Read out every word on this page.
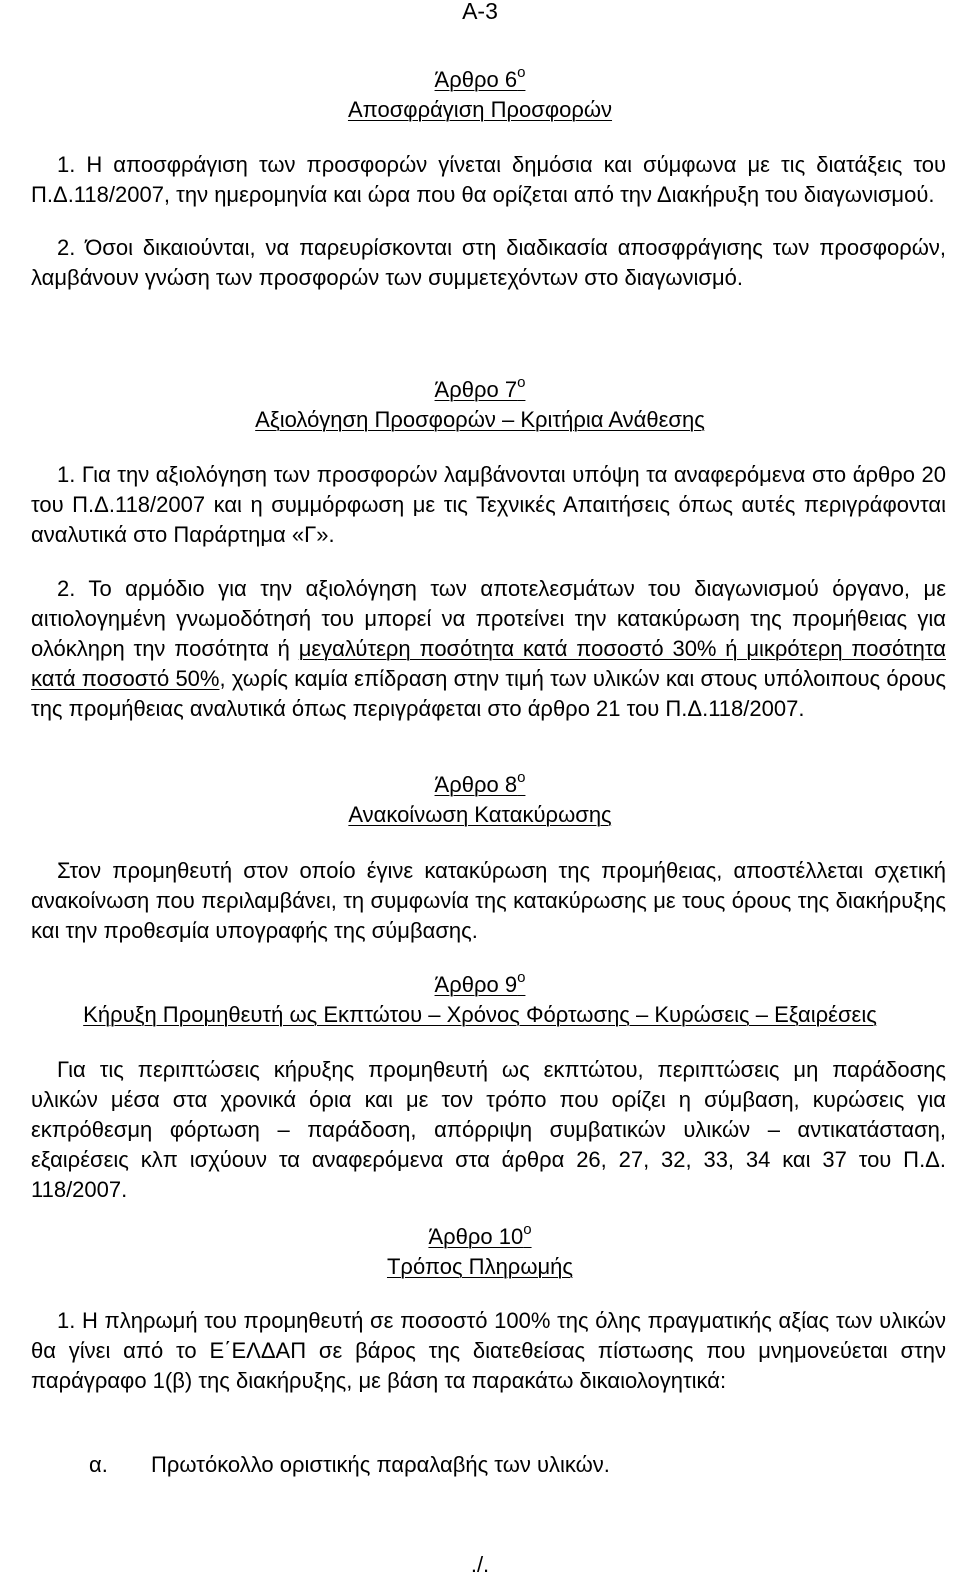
Α-3
Άρθρο $6^o$
Αποσφράγιση Προσφορών
1. Η αποσφράγιση των προσφορών γίνεται δημόσια και σύμφωνα με τις διατάξεις του Π.Δ.118/2007, την ημερομηνία και ώρα που θα ορίζεται από την Διακήρυξη του διαγωνισμού.
2. Όσοι δικαιούνται, να παρευρίσκονται στη διαδικασία αποσφράγισης των προσφορών, λαμβάνουν γνώση των προσφορών των συμμετεχόντων στο διαγωνισμό.
Άρθρο $7^o$
Αξιολόγηση Προσφορών – Κριτήρια Ανάθεσης
1. Για την αξιολόγηση των προσφορών λαμβάνονται υπόψη τα αναφερόμενα στο άρθρο 20 του Π.Δ.118/2007 και η συμμόρφωση με τις Τεχνικές Απαιτήσεις όπως αυτές περιγράφονται αναλυτικά στο Παράρτημα «Γ».
2. Το αρμόδιο για την αξιολόγηση των αποτελεσμάτων του διαγωνισμού όργανο, με αιτιολογημένη γνωμοδότησή του μπορεί να προτείνει την κατακύρωση της προμήθειας για ολόκληρη την ποσότητα ή μεγαλύτερη ποσότητα κατά ποσοστό 30% ή μικρότερη ποσότητα κατά ποσοστό 50%, χωρίς καμία επίδραση στην τιμή των υλικών και στους υπόλοιπους όρους της προμήθειας αναλυτικά όπως περιγράφεται στο άρθρο 21 του Π.Δ.118/2007.
Άρθρο $8^o$
Ανακοίνωση Κατακύρωσης
Στον προμηθευτή στον οποίο έγινε κατακύρωση της προμήθειας, αποστέλλεται σχετική ανακοίνωση που περιλαμβάνει, τη συμφωνία της κατακύρωσης με τους όρους της διακήρυξης και την προθεσμία υπογραφής της σύμβασης.
Άρθρο $9^o$
Κήρυξη Προμηθευτή ως Εκπτώτου – Χρόνος Φόρτωσης – Κυρώσεις – Εξαιρέσεις
Για τις περιπτώσεις κήρυξης προμηθευτή ως εκπτώτου, περιπτώσεις μη παράδοσης υλικών μέσα στα χρονικά όρια και με τον τρόπο που ορίζει η σύμβαση, κυρώσεις για εκπρόθεσμη φόρτωση – παράδοση, απόρριψη συμβατικών υλικών – αντικατάσταση, εξαιρέσεις κλπ ισχύουν τα αναφερόμενα στα άρθρα 26, 27, 32, 33, 34 και 37 του Π.Δ. 118/2007.
Άρθρο $10^o$
Τρόπος Πληρωμής
1. Η πληρωμή του προμηθευτή σε ποσοστό 100% της όλης πραγματικής αξίας των υλικών θα γίνει από το Ε΄ΕΛΔΑΠ σε βάρος της διατεθείσας πίστωσης που μνημονεύεται στην παράγραφο 1(β) της διακήρυξης, με βάση τα παρακάτω δικαιολογητικά:
α. Πρωτόκολλο οριστικής παραλαβής των υλικών.
./.
